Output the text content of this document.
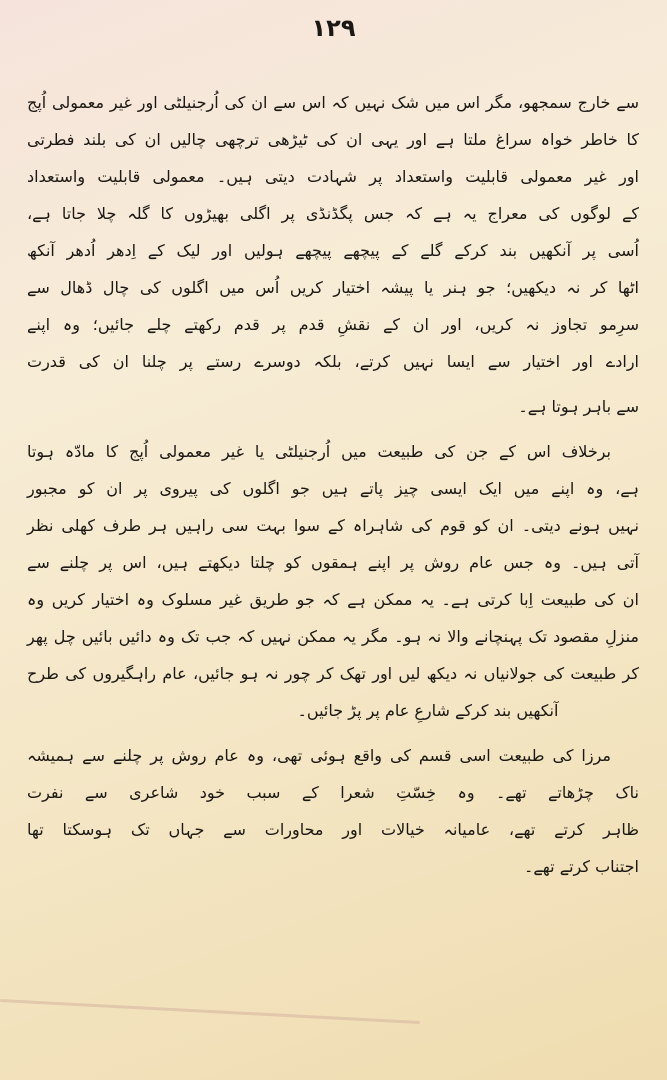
۱۲۹
سے خارج سمجھو، مگر اس میں شک نہیں کہ اس سے ان کی اُرجنیلٹی اور غیر معمولی اُپج
کا خاطر خواہ سراغ ملتا ہے اور یہی ان کی ٹیڑھی ترچھی چالیں ان کی بلند فطرتی
اور غیر معمولی قابلیت واستعداد پر شہادت دیتی ہیں۔ معمولی قابلیت واستعداد
کے لوگوں کی معراج یہ ہے کہ جس پگڈنڈی پر اگلی بھیڑوں کا گلہ چلا جاتا ہے،
اُسی پر آنکھیں بند کرکے گلے کے پیچھے پیچھے ہولیں اور لیک کے اِدھر اُدھر آنکھ
اٹھا کر نہ دیکھیں؛ جو ہنر یا پیشہ اختیار کریں اُس میں اگلوں کی چال ڈھال سے
سرِمو تجاوز نہ کریں، اور ان کے نقشِ قدم پر قدم رکھتے چلے جائیں؛ وہ اپنے
ارادے اور اختیار سے ایسا نہیں کرتے، بلکہ دوسرے رستے پر چلنا ان کی قدرت
سے باہر ہوتا ہے۔
برخلاف اس کے جن کی طبیعت میں اُرجنیلٹی یا غیر معمولی اُپج کا مادّہ ہوتا
ہے، وہ اپنے میں ایک ایسی چیز پاتے ہیں جو اگلوں کی پیروی پر ان کو مجبور
نہیں ہونے دیتی۔ ان کو قوم کی شاہراہ کے سوا بہت سی راہیں ہر طرف کھلی نظر
آتی ہیں۔ وہ جس عام روش پر اپنے ہمقوں کو چلتا دیکھتے ہیں، اس پر چلنے سے
ان کی طبیعت اِبا کرتی ہے۔ یہ ممکن ہے کہ جو طریق غیر مسلوک وہ اختیار کریں وہ
منزلِ مقصود تک پہنچانے والا نہ ہو۔ مگر یہ ممکن نہیں کہ جب تک وہ دائیں بائیں چل پھر
کر طبیعت کی جولانیاں نہ دیکھ لیں اور تھک کر چور نہ ہو جائیں، عام راہگیروں کی طرح
آنکھیں بند کرکے شارعِ عام پر پڑ جائیں۔
مرزا کی طبیعت اسی قسم کی واقع ہوئی تھی، وہ عام روش پر چلنے سے ہمیشہ
ناک چڑھاتے تھے۔ وہ خِسّتِ شعرا کے سبب خود شاعری سے نفرت
ظاہر کرتے تھے، عامیانہ خیالات اور محاورات سے جہاں تک ہوسکتا تھا
اجتناب کرتے تھے۔
